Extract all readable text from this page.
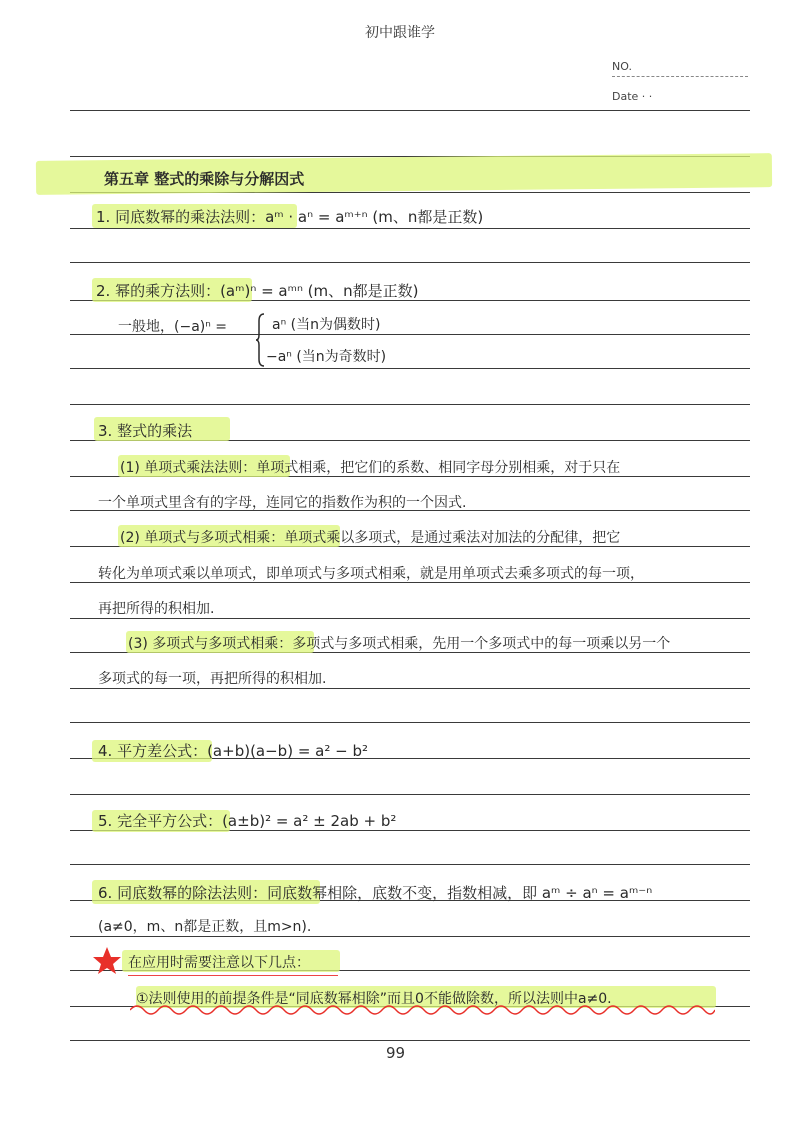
初中跟谁学
NO.
Date · ·
第五章 整式的乘除与分解因式
1. 同底数幂的乘法法则：aᵐ · aⁿ = aᵐ⁺ⁿ (m、n都是正数)
2. 幂的乘方法则：(aᵐ)ⁿ = aᵐⁿ (m、n都是正数)
一般地，(−a)ⁿ =	aⁿ (当n为偶数时)
−aⁿ (当n为奇数时)
3. 整式的乘法
(1) 单项式乘法法则：单项式相乘，把它们的系数、相同字母分别相乘，对于只在
一个单项式里含有的字母，连同它的指数作为积的一个因式.
(2) 单项式与多项式相乘：单项式乘以多项式，是通过乘法对加法的分配律，把它
转化为单项式乘以单项式，即单项式与多项式相乘，就是用单项式去乘多项式的每一项，
再把所得的积相加.
(3) 多项式与多项式相乘：多项式与多项式相乘，先用一个多项式中的每一项乘以另一个
多项式的每一项，再把所得的积相加.
4. 平方差公式：(a+b)(a−b) = a² − b²
5. 完全平方公式：(a±b)² = a² ± 2ab + b²
6. 同底数幂的除法法则：同底数幂相除，底数不变，指数相减，即 aᵐ ÷ aⁿ = aᵐ⁻ⁿ
(a≠0，m、n都是正数，且m>n).
在应用时需要注意以下几点：
①法则使用的前提条件是“同底数幂相除”而且0不能做除数，所以法则中a≠0.
99
